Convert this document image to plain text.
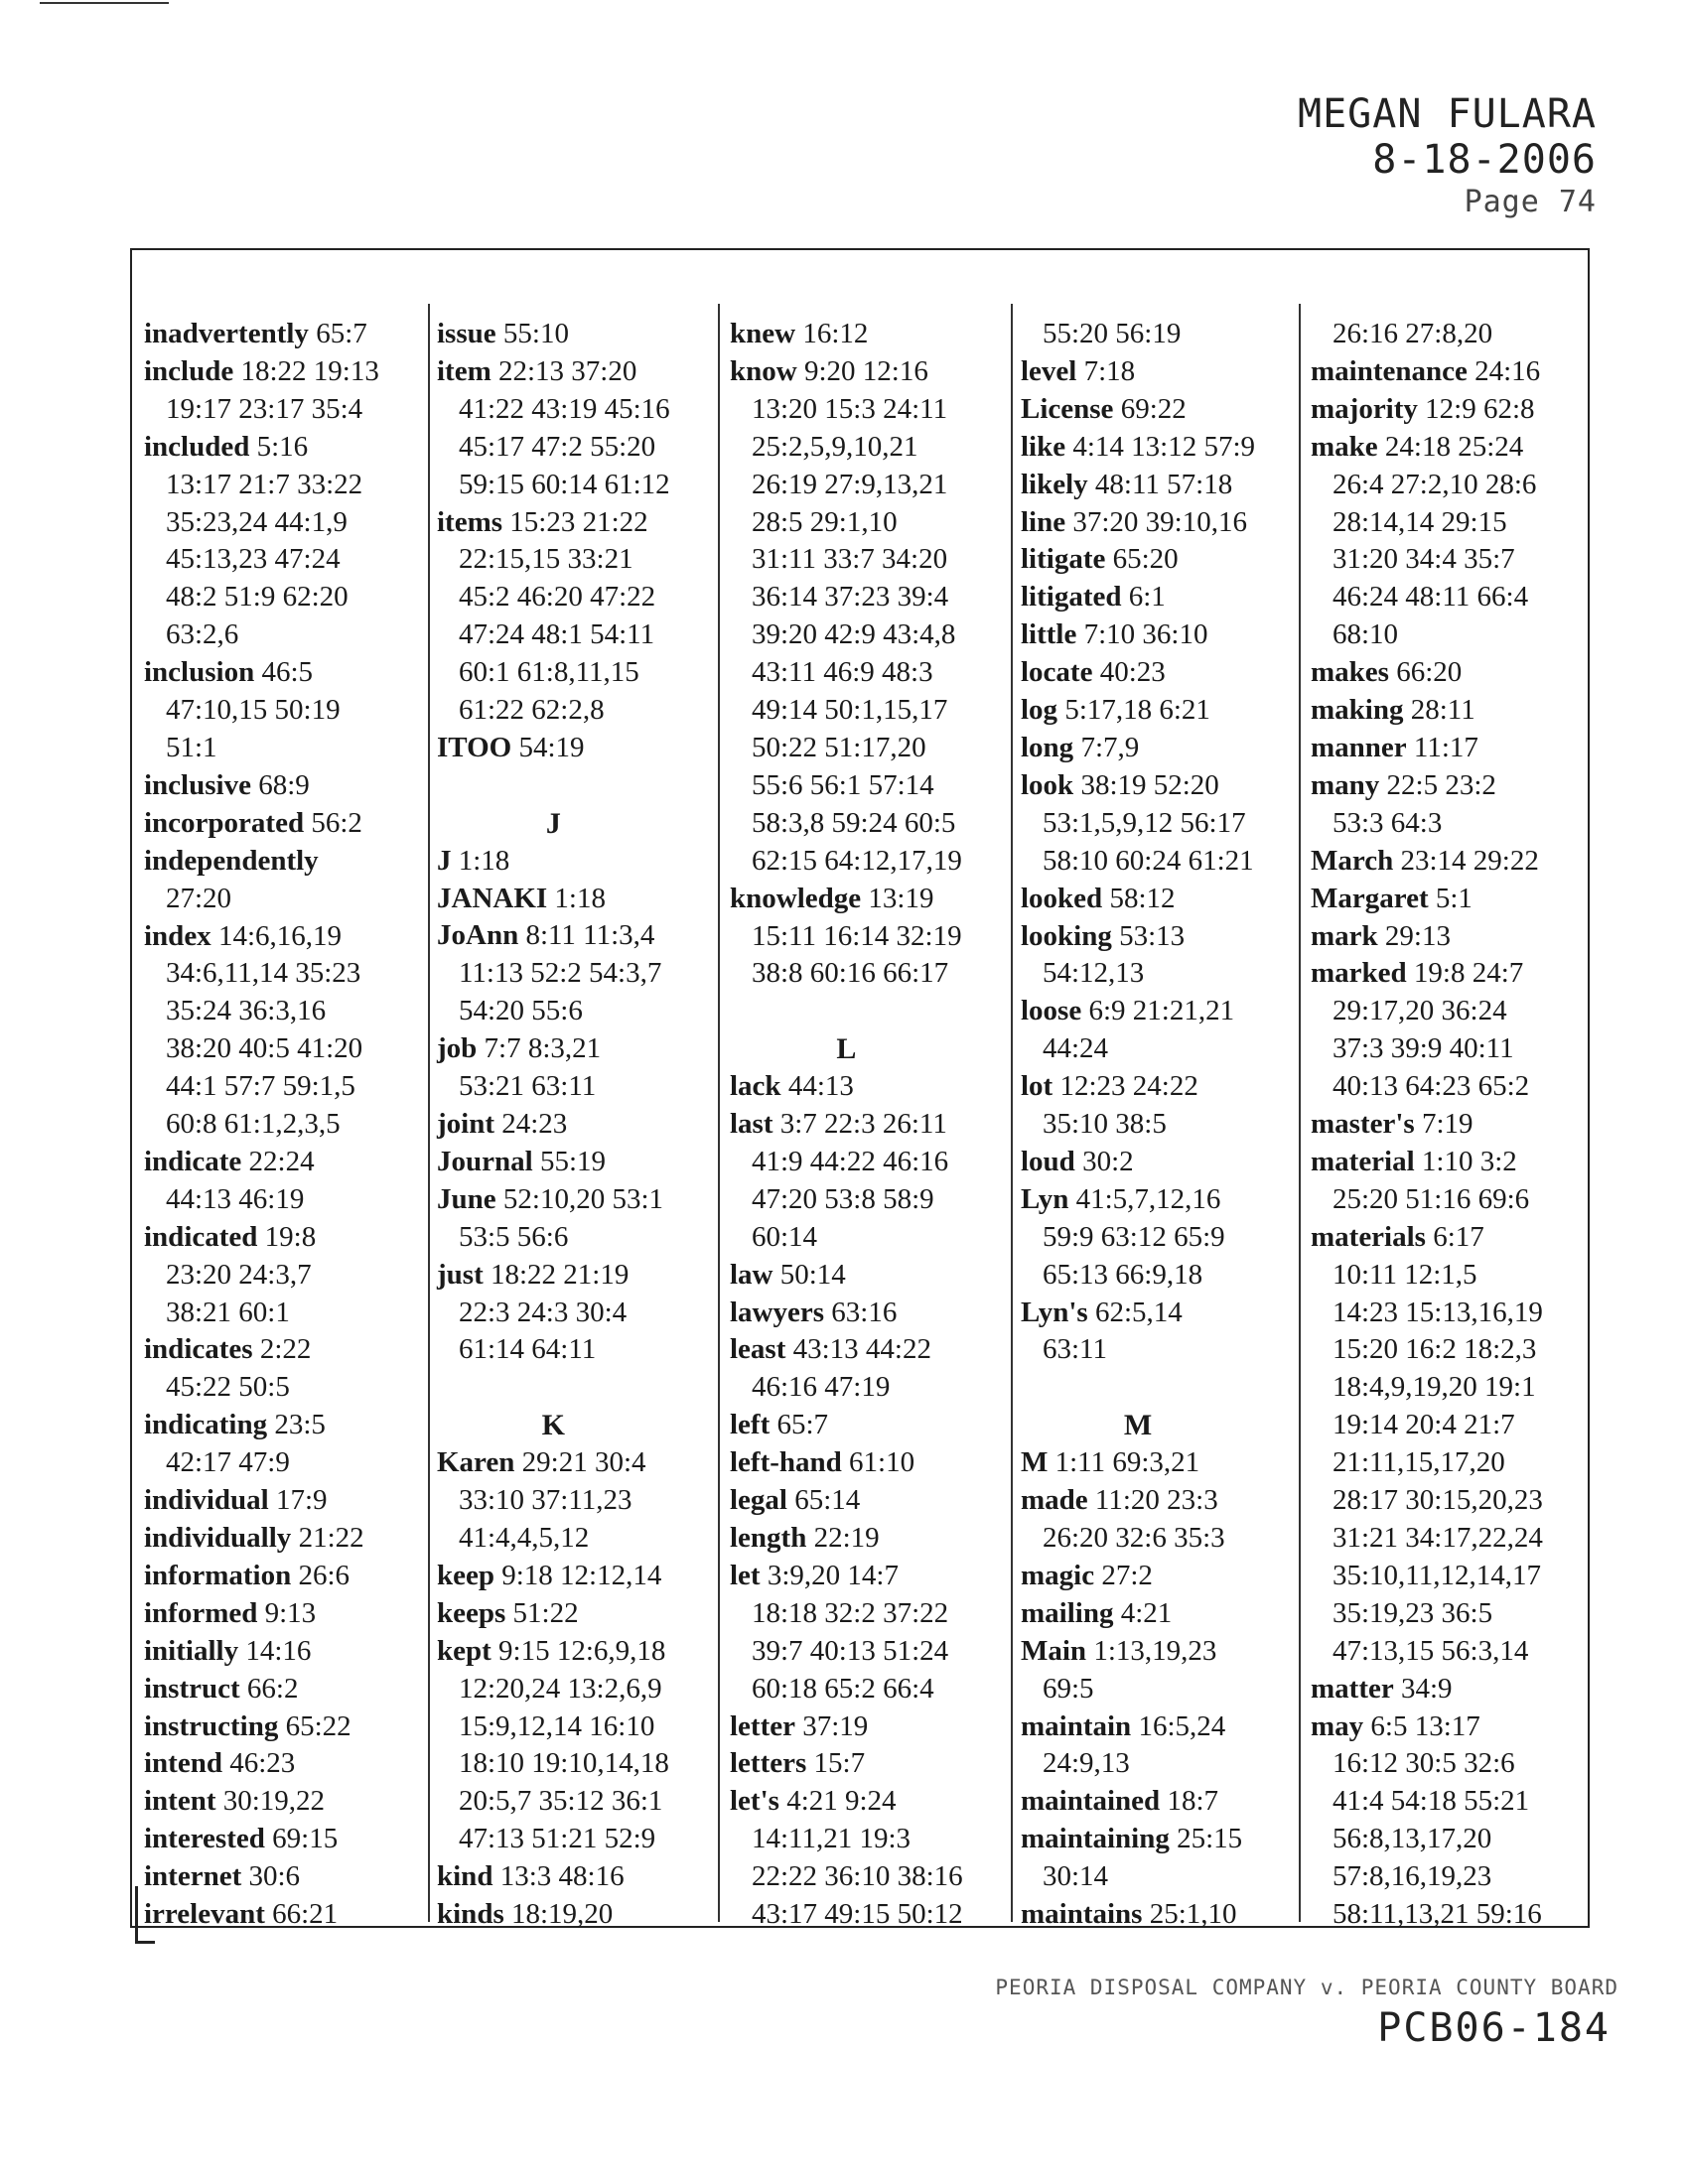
MEGAN FULARA
8-18-2006
Page 74
inadvertently 65:7
include 18:22 19:13
19:17 23:17 35:4
included 5:16
13:17 21:7 33:22
35:23,24 44:1,9
45:13,23 47:24
48:2 51:9 62:20
63:2,6
inclusion 46:5
47:10,15 50:19
51:1
inclusive 68:9
incorporated 56:2
independently
27:20
index 14:6,16,19
34:6,11,14 35:23
35:24 36:3,16
38:20 40:5 41:20
44:1 57:7 59:1,5
60:8 61:1,2,3,5
indicate 22:24
44:13 46:19
indicated 19:8
23:20 24:3,7
38:21 60:1
indicates 2:22
45:22 50:5
indicating 23:5
42:17 47:9
individual 17:9
individually 21:22
information 26:6
informed 9:13
initially 14:16
instruct 66:2
instructing 65:22
intend 46:23
intent 30:19,22
interested 69:15
internet 30:6
irrelevant 66:21
issue 55:10
item 22:13 37:20
41:22 43:19 45:16
45:17 47:2 55:20
59:15 60:14 61:12
items 15:23 21:22
22:15,15 33:21
45:2 46:20 47:22
47:24 48:1 54:11
60:1 61:8,11,15
61:22 62:2,8
ITOO 54:19
J
J 1:18
JANAKI 1:18
JoAnn 8:11 11:3,4
11:13 52:2 54:3,7
54:20 55:6
job 7:7 8:3,21
53:21 63:11
joint 24:23
Journal 55:19
June 52:10,20 53:1
53:5 56:6
just 18:22 21:19
22:3 24:3 30:4
61:14 64:11
K
Karen 29:21 30:4
33:10 37:11,23
41:4,4,5,12
keep 9:18 12:12,14
keeps 51:22
kept 9:15 12:6,9,18
12:20,24 13:2,6,9
15:9,12,14 16:10
18:10 19:10,14,18
20:5,7 35:12 36:1
47:13 51:21 52:9
kind 13:3 48:16
kinds 18:19,20
knew 16:12
know 9:20 12:16
13:20 15:3 24:11
25:2,5,9,10,21
26:19 27:9,13,21
28:5 29:1,10
31:11 33:7 34:20
36:14 37:23 39:4
39:20 42:9 43:4,8
43:11 46:9 48:3
49:14 50:1,15,17
50:22 51:17,20
55:6 56:1 57:14
58:3,8 59:24 60:5
62:15 64:12,17,19
knowledge 13:19
15:11 16:14 32:19
38:8 60:16 66:17
L
lack 44:13
last 3:7 22:3 26:11
41:9 44:22 46:16
47:20 53:8 58:9
60:14
law 50:14
lawyers 63:16
least 43:13 44:22
46:16 47:19
left 65:7
left-hand 61:10
legal 65:14
length 22:19
let 3:9,20 14:7
18:18 32:2 37:22
39:7 40:13 51:24
60:18 65:2 66:4
letter 37:19
letters 15:7
let's 4:21 9:24
14:11,21 19:3
22:22 36:10 38:16
43:17 49:15 50:12
55:20 56:19
level 7:18
License 69:22
like 4:14 13:12 57:9
likely 48:11 57:18
line 37:20 39:10,16
litigate 65:20
litigated 6:1
little 7:10 36:10
locate 40:23
log 5:17,18 6:21
long 7:7,9
look 38:19 52:20
53:1,5,9,12 56:17
58:10 60:24 61:21
looked 58:12
looking 53:13
54:12,13
loose 6:9 21:21,21
44:24
lot 12:23 24:22
35:10 38:5
loud 30:2
Lyn 41:5,7,12,16
59:9 63:12 65:9
65:13 66:9,18
Lyn's 62:5,14
63:11
M
M 1:11 69:3,21
made 11:20 23:3
26:20 32:6 35:3
magic 27:2
mailing 4:21
Main 1:13,19,23
69:5
maintain 16:5,24
24:9,13
maintained 18:7
maintaining 25:15
30:14
maintains 25:1,10
26:16 27:8,20
maintenance 24:16
majority 12:9 62:8
make 24:18 25:24
26:4 27:2,10 28:6
28:14,14 29:15
31:20 34:4 35:7
46:24 48:11 66:4
68:10
makes 66:20
making 28:11
manner 11:17
many 22:5 23:2
53:3 64:3
March 23:14 29:22
Margaret 5:1
mark 29:13
marked 19:8 24:7
29:17,20 36:24
37:3 39:9 40:11
40:13 64:23 65:2
master's 7:19
material 1:10 3:2
25:20 51:16 69:6
materials 6:17
10:11 12:1,5
14:23 15:13,16,19
15:20 16:2 18:2,3
18:4,9,19,20 19:1
19:14 20:4 21:7
21:11,15,17,20
28:17 30:15,20,23
31:21 34:17,22,24
35:10,11,12,14,17
35:19,23 36:5
47:13,15 56:3,14
matter 34:9
may 6:5 13:17
16:12 30:5 32:6
41:4 54:18 55:21
56:8,13,17,20
57:8,16,19,23
58:11,13,21 59:16
PEORIA DISPOSAL COMPANY v. PEORIA COUNTY BOARD
PCB06-184
